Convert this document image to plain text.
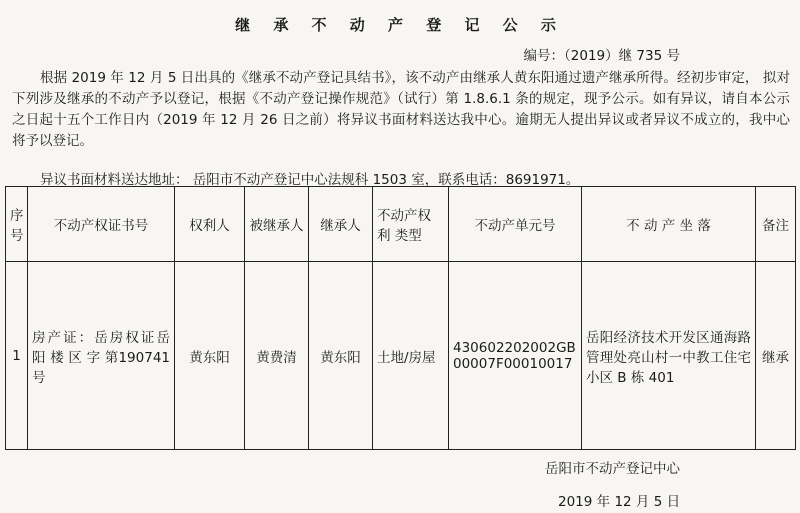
继 承 不 动 产 登 记 公 示
编号：（2019）继 735 号
根据 2019 年 12 月 5 日出具的《继承不动产登记具结书》，该不动产由继承人黄东阳通过遗产继承所得。经初步审定， 拟对下列涉及继承的不动产予以登记，根据《不动产登记操作规范》（试行）第 1.8.6.1 条的规定，现予公示。如有异议，请自本公示之日起十五个工作日内（2019 年 12 月 26 日之前）将异议书面材料送达我中心。逾期无人提出异议或者异议不成立的，我中心将予以登记。
异议书面材料送达地址： 岳阳市不动产登记中心法规科 1503 室，联系电话：8691971。
序号	不动产权证书号	权利人	被继承人	继承人	不动产权 利 类型	不动产单元号	不 动 产 坐 落	备注
1	房产证：岳房权证岳 阳 楼 区 字 第190741 号	黄东阳	黄费清	黄东阳	土地/房屋	430602202002GB00007F00010017	岳阳经济技术开发区通海路管理处亮山村一中教工住宅小区 B 栋 401	继承
岳阳市不动产登记中心
2019 年 12 月 5 日
